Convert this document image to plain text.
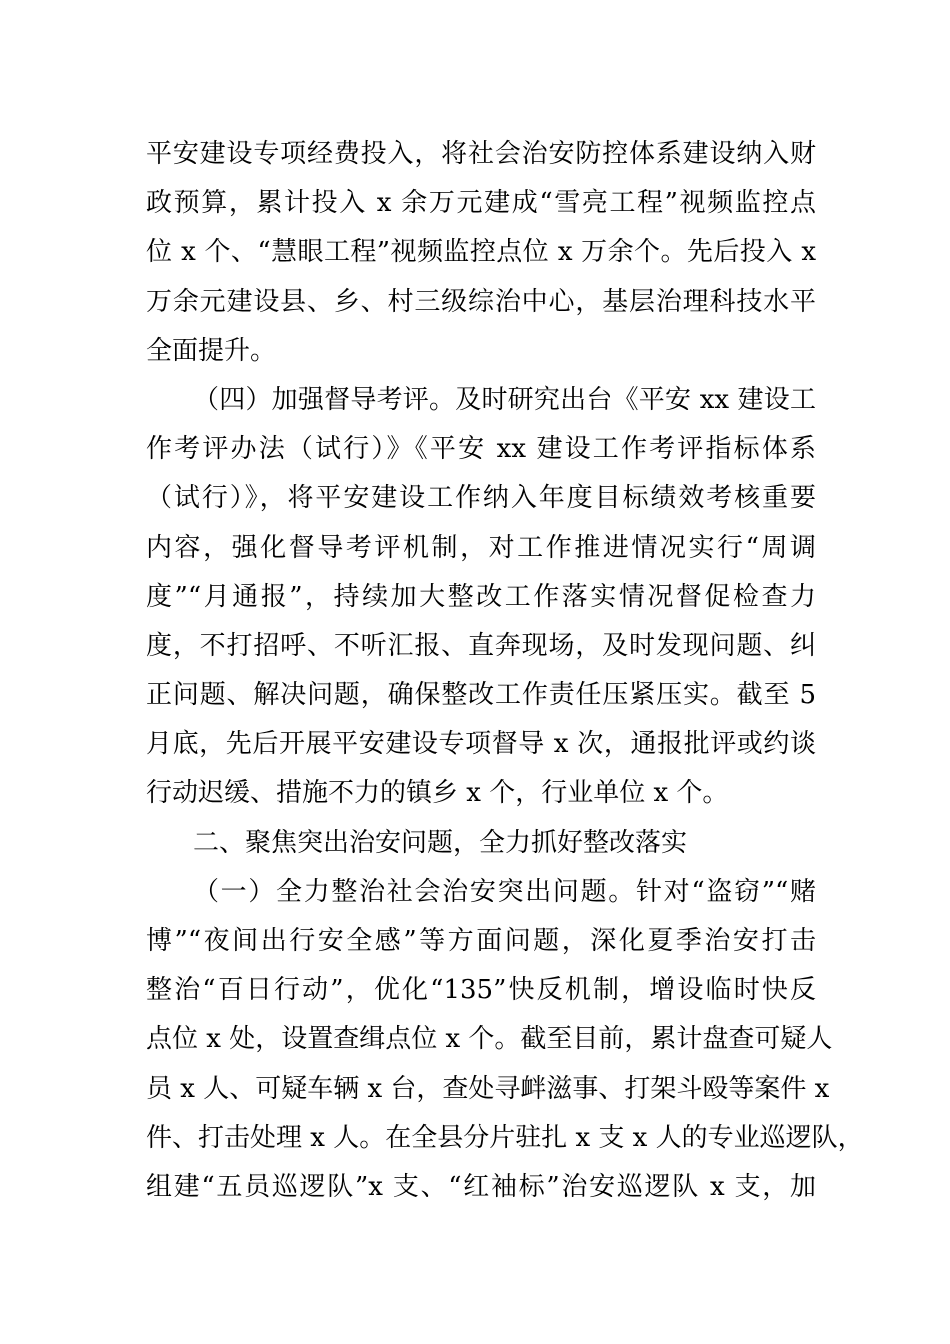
平安建设专项经费投入，将社会治安防控体系建设纳入财
政预算，累计投入 x 余万元建成“雪亮工程”视频监控点
位 x 个、“慧眼工程”视频监控点位 x 万余个。先后投入 x
万余元建设县、乡、村三级综治中心，基层治理科技水平
全面提升。
（四）加强督导考评。及时研究出台《平安 xx 建设工
作考评办法（试行）》《平安 xx 建设工作考评指标体系
（试行）》，将平安建设工作纳入年度目标绩效考核重要
内容，强化督导考评机制，对工作推进情况实行“周调
度”“月通报”，持续加大整改工作落实情况督促检查力
度，不打招呼、不听汇报、直奔现场，及时发现问题、纠
正问题、解决问题，确保整改工作责任压紧压实。截至 5
月底，先后开展平安建设专项督导 x 次，通报批评或约谈
行动迟缓、措施不力的镇乡 x 个，行业单位 x 个。
二、聚焦突出治安问题，全力抓好整改落实
（一）全力整治社会治安突出问题。针对“盗窃”“赌
博”“夜间出行安全感”等方面问题，深化夏季治安打击
整治“百日行动”，优化“135”快反机制，增设临时快反
点位 x 处，设置查缉点位 x 个。截至目前，累计盘查可疑人
员 x 人、可疑车辆 x 台，查处寻衅滋事、打架斗殴等案件 x
件、打击处理 x 人。在全县分片驻扎 x 支 x 人的专业巡逻队，
组建“五员巡逻队”x 支、“红袖标”治安巡逻队 x 支，加
